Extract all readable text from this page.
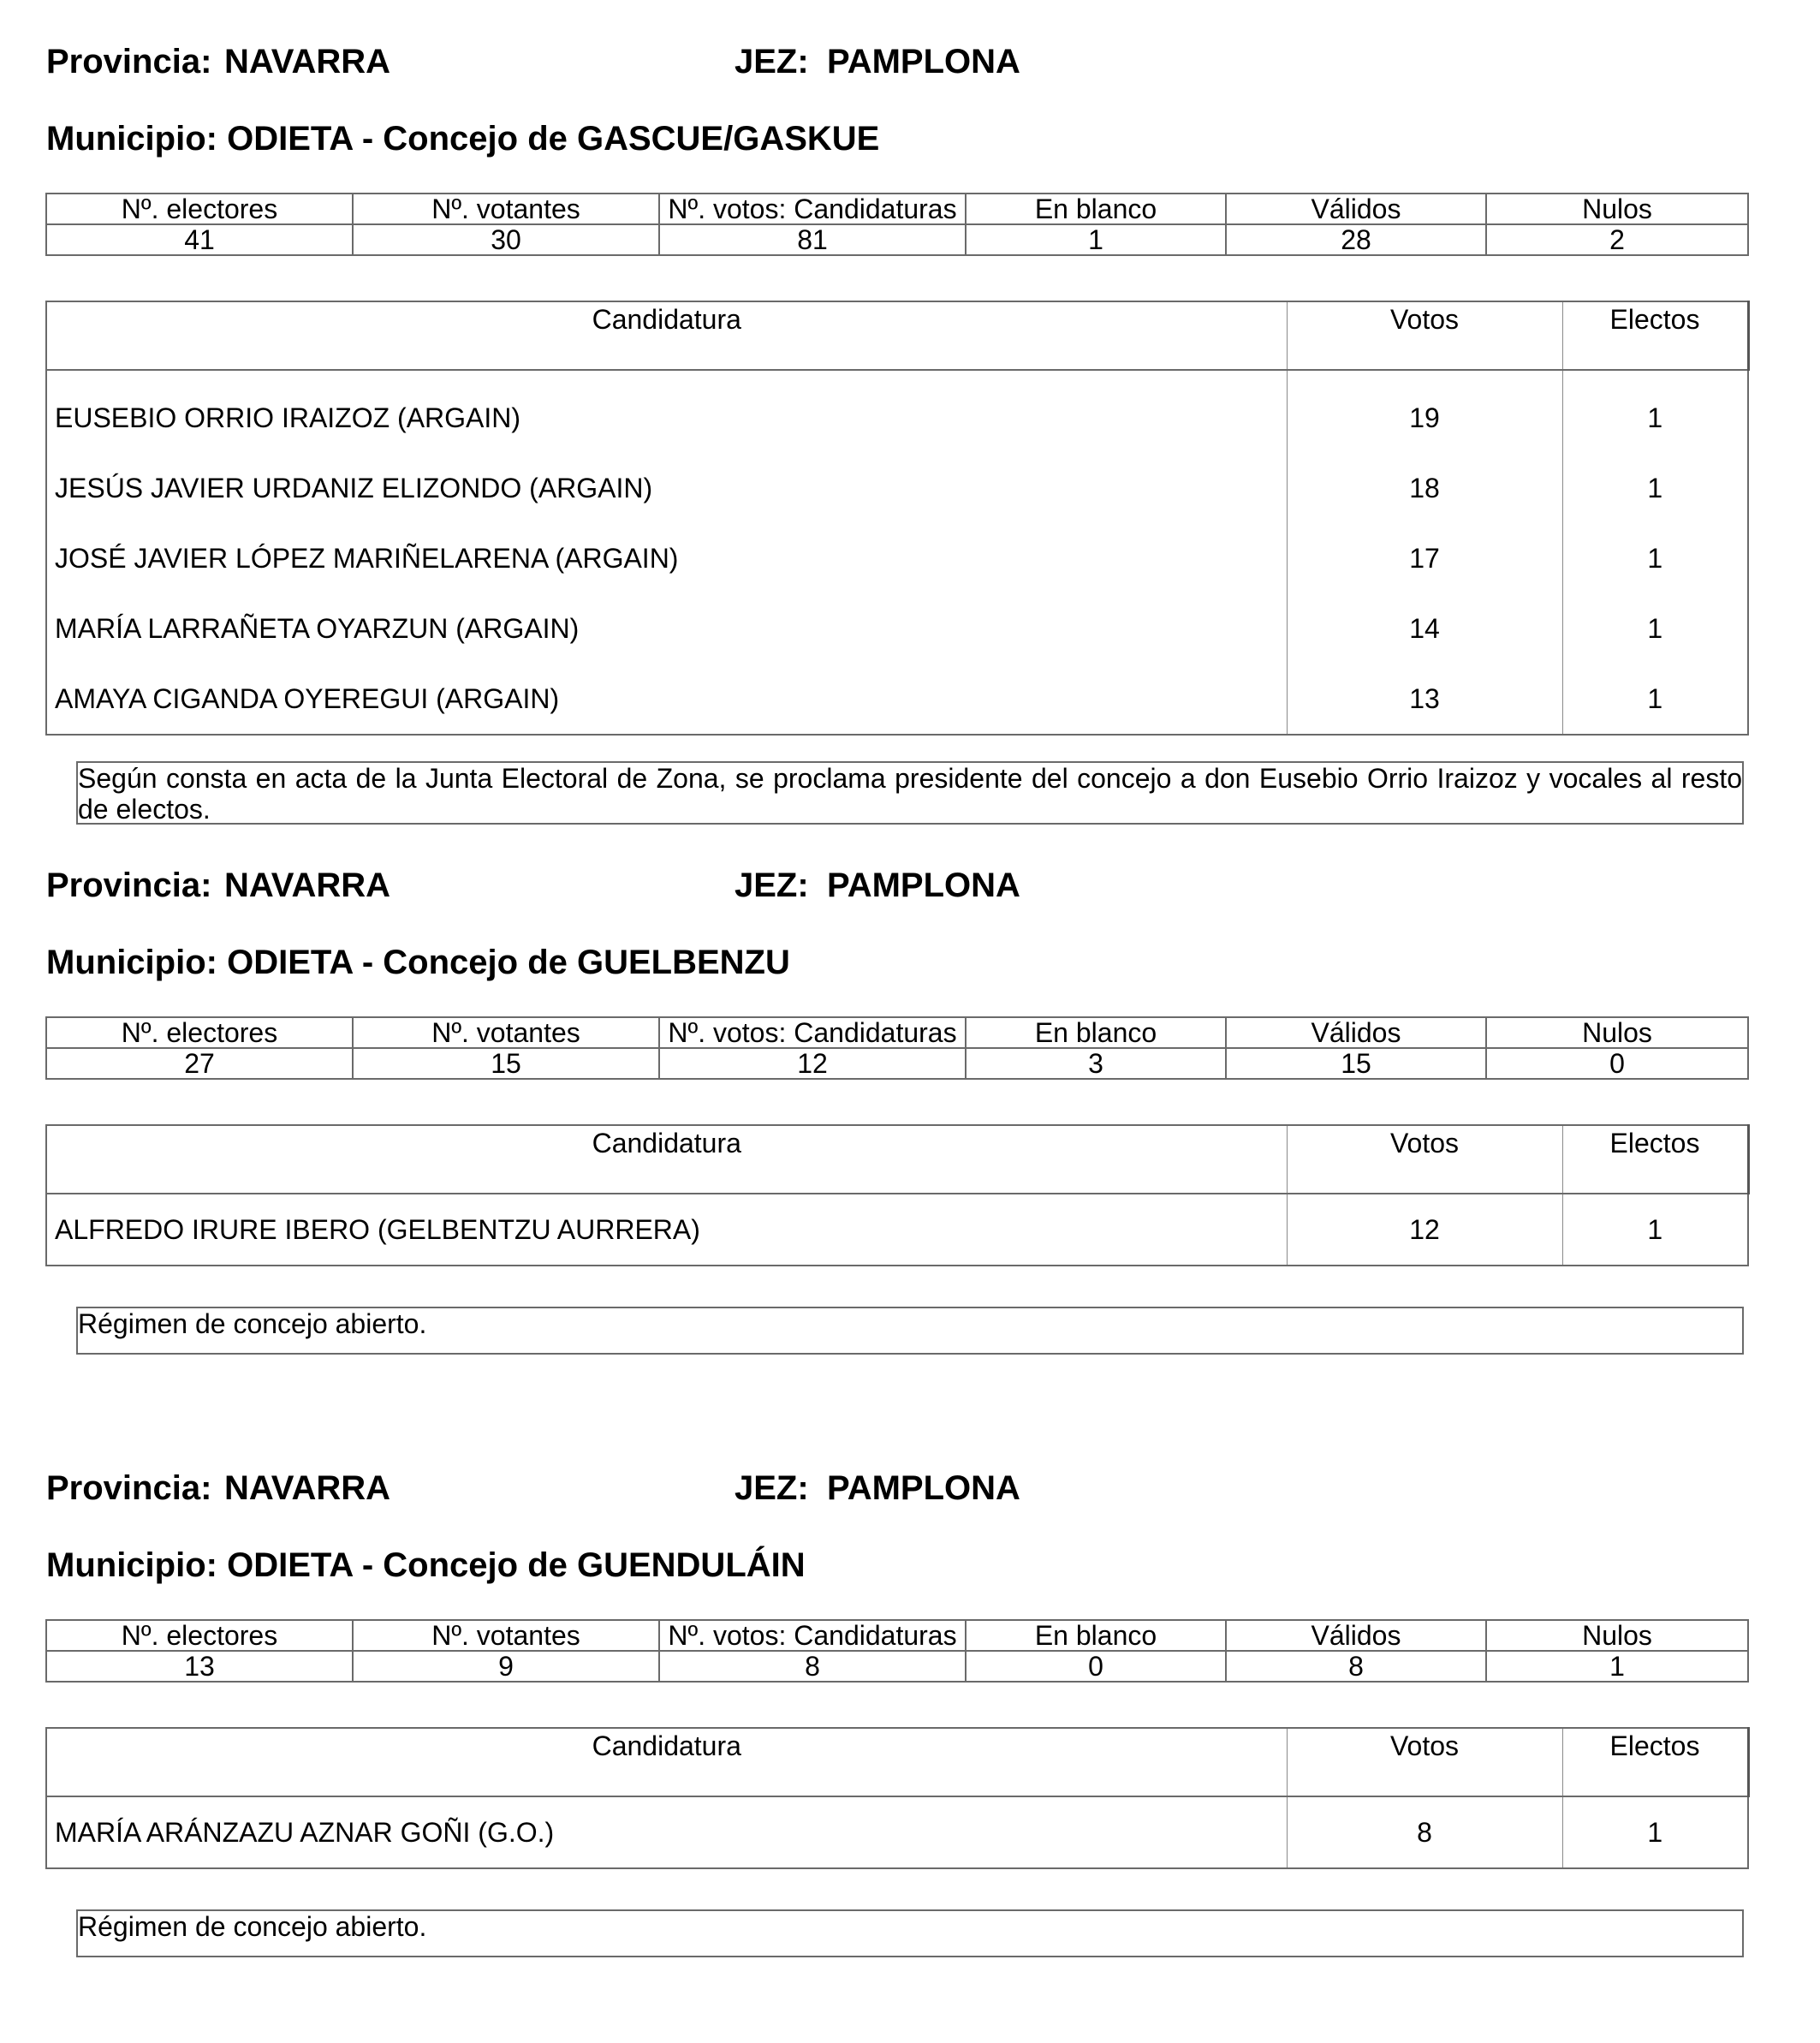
Provincia: NAVARRA	JEZ: PAMPLONA
Municipio: ODIETA - Concejo de GASCUE/GASKUE
Nº. electores	Nº. votantes	Nº. votos: Candidaturas	En blanco	Válidos	Nulos
41	30	81	1	28	2
Candidatura	Votos	Electos
EUSEBIO ORRIO IRAIZOZ (ARGAIN)	19	1
JESÚS JAVIER URDANIZ ELIZONDO (ARGAIN)	18	1
JOSÉ JAVIER LÓPEZ MARIÑELARENA (ARGAIN)	17	1
MARÍA LARRAÑETA OYARZUN (ARGAIN)	14	1
AMAYA CIGANDA OYEREGUI (ARGAIN)	13	1
Según consta en acta de la Junta Electoral de Zona, se proclama presidente del concejo a don Eusebio Orrio Iraizoz y vocales al resto de electos.
Provincia: NAVARRA	JEZ: PAMPLONA
Municipio: ODIETA - Concejo de GUELBENZU
Nº. electores	Nº. votantes	Nº. votos: Candidaturas	En blanco	Válidos	Nulos
27	15	12	3	15	0
Candidatura	Votos	Electos
ALFREDO IRURE IBERO (GELBENTZU AURRERA)	12	1
Régimen de concejo abierto.
Provincia: NAVARRA	JEZ: PAMPLONA
Municipio: ODIETA - Concejo de GUENDULÁIN
Nº. electores	Nº. votantes	Nº. votos: Candidaturas	En blanco	Válidos	Nulos
13	9	8	0	8	1
Candidatura	Votos	Electos
MARÍA ARÁNZAZU AZNAR GOÑI (G.O.)	8	1
Régimen de concejo abierto.
